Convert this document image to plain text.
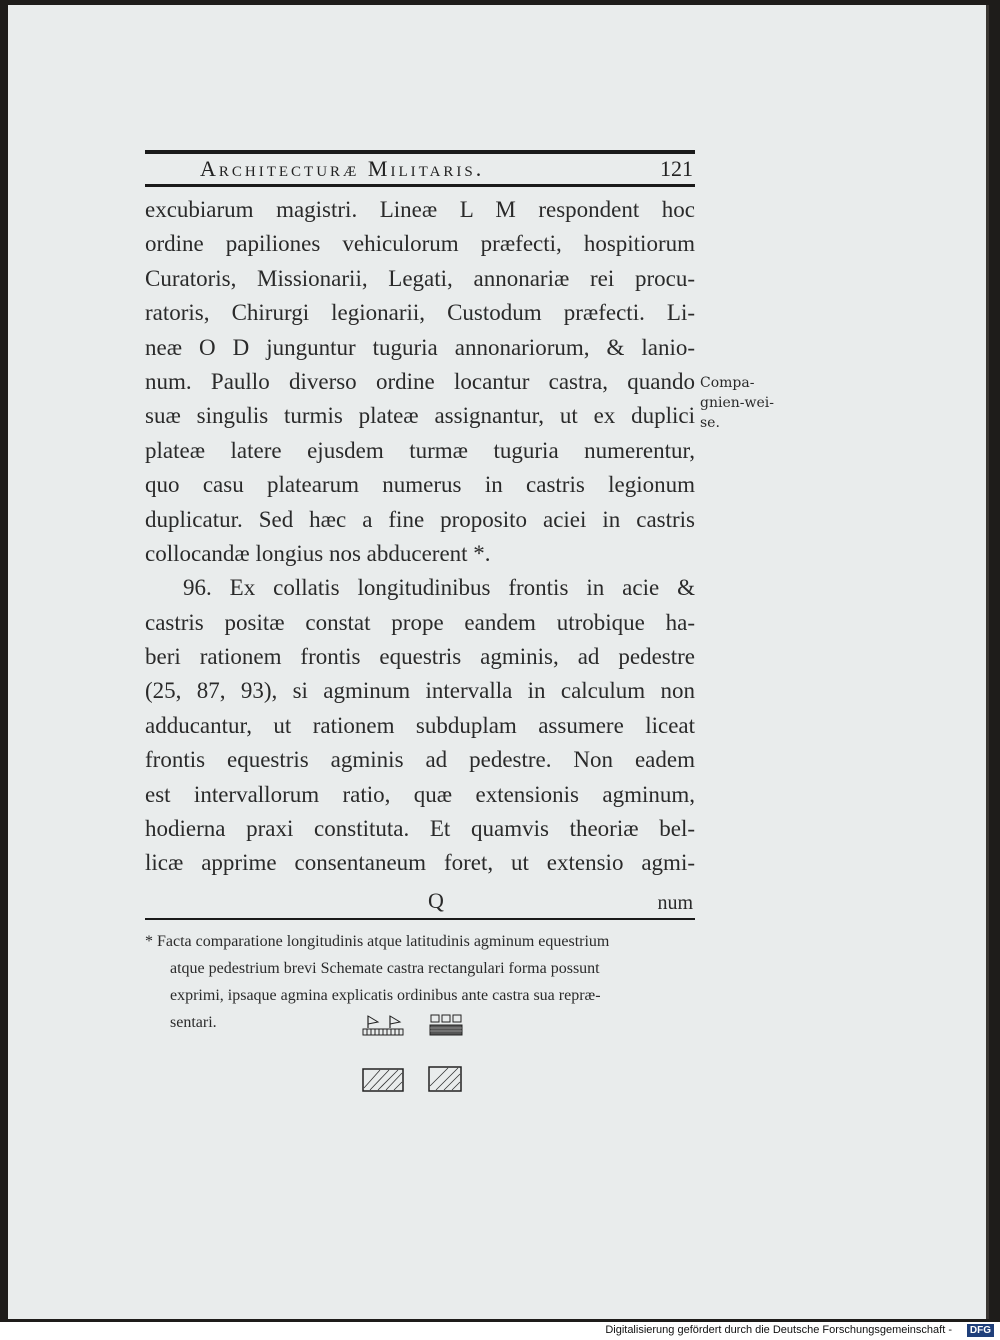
Architecturæ Militaris.	121
excubiarum magistri. Lineæ L M respondent hoc
ordine papiliones vehiculorum præfecti, hospitiorum
Curatoris, Missionarii, Legati, annonariæ rei procu-
ratoris, Chirurgi legionarii, Custodum præfecti. Li-
neæ O D junguntur tuguria annonariorum, & lanio-
num. Paullo diverso ordine locantur castra, quando
suæ singulis turmis plateæ assignantur, ut ex duplici
plateæ latere ejusdem turmæ tuguria numerentur,
quo casu platearum numerus in castris legionum
duplicatur. Sed hæc a fine proposito aciei in castris
collocandæ longius nos abducerent *.
96. Ex collatis longitudinibus frontis in acie &
castris positæ constat prope eandem utrobique ha-
beri rationem frontis equestris agminis, ad pedestre
(25, 87, 93), si agminum intervalla in calculum non
adducantur, ut rationem subduplam assumere liceat
frontis equestris agminis ad pedestre. Non eadem
est intervallorum ratio, quæ extensionis agminum,
hodierna praxi constituta. Et quamvis theoriæ bel-
licæ apprime consentaneum foret, ut extensio agmi-
Compa-
gnien-wei-
se.
Q	num
* Facta comparatione longitudinis atque latitudinis agminum equestrium
atque pedestrium brevi Schemate castra rectangulari forma possunt
exprimi, ipsaque agmina explicatis ordinibus ante castra sua repræ-
sentari.
Digitalisierung gefördert durch die Deutsche Forschungsgemeinschaft -	DFG
